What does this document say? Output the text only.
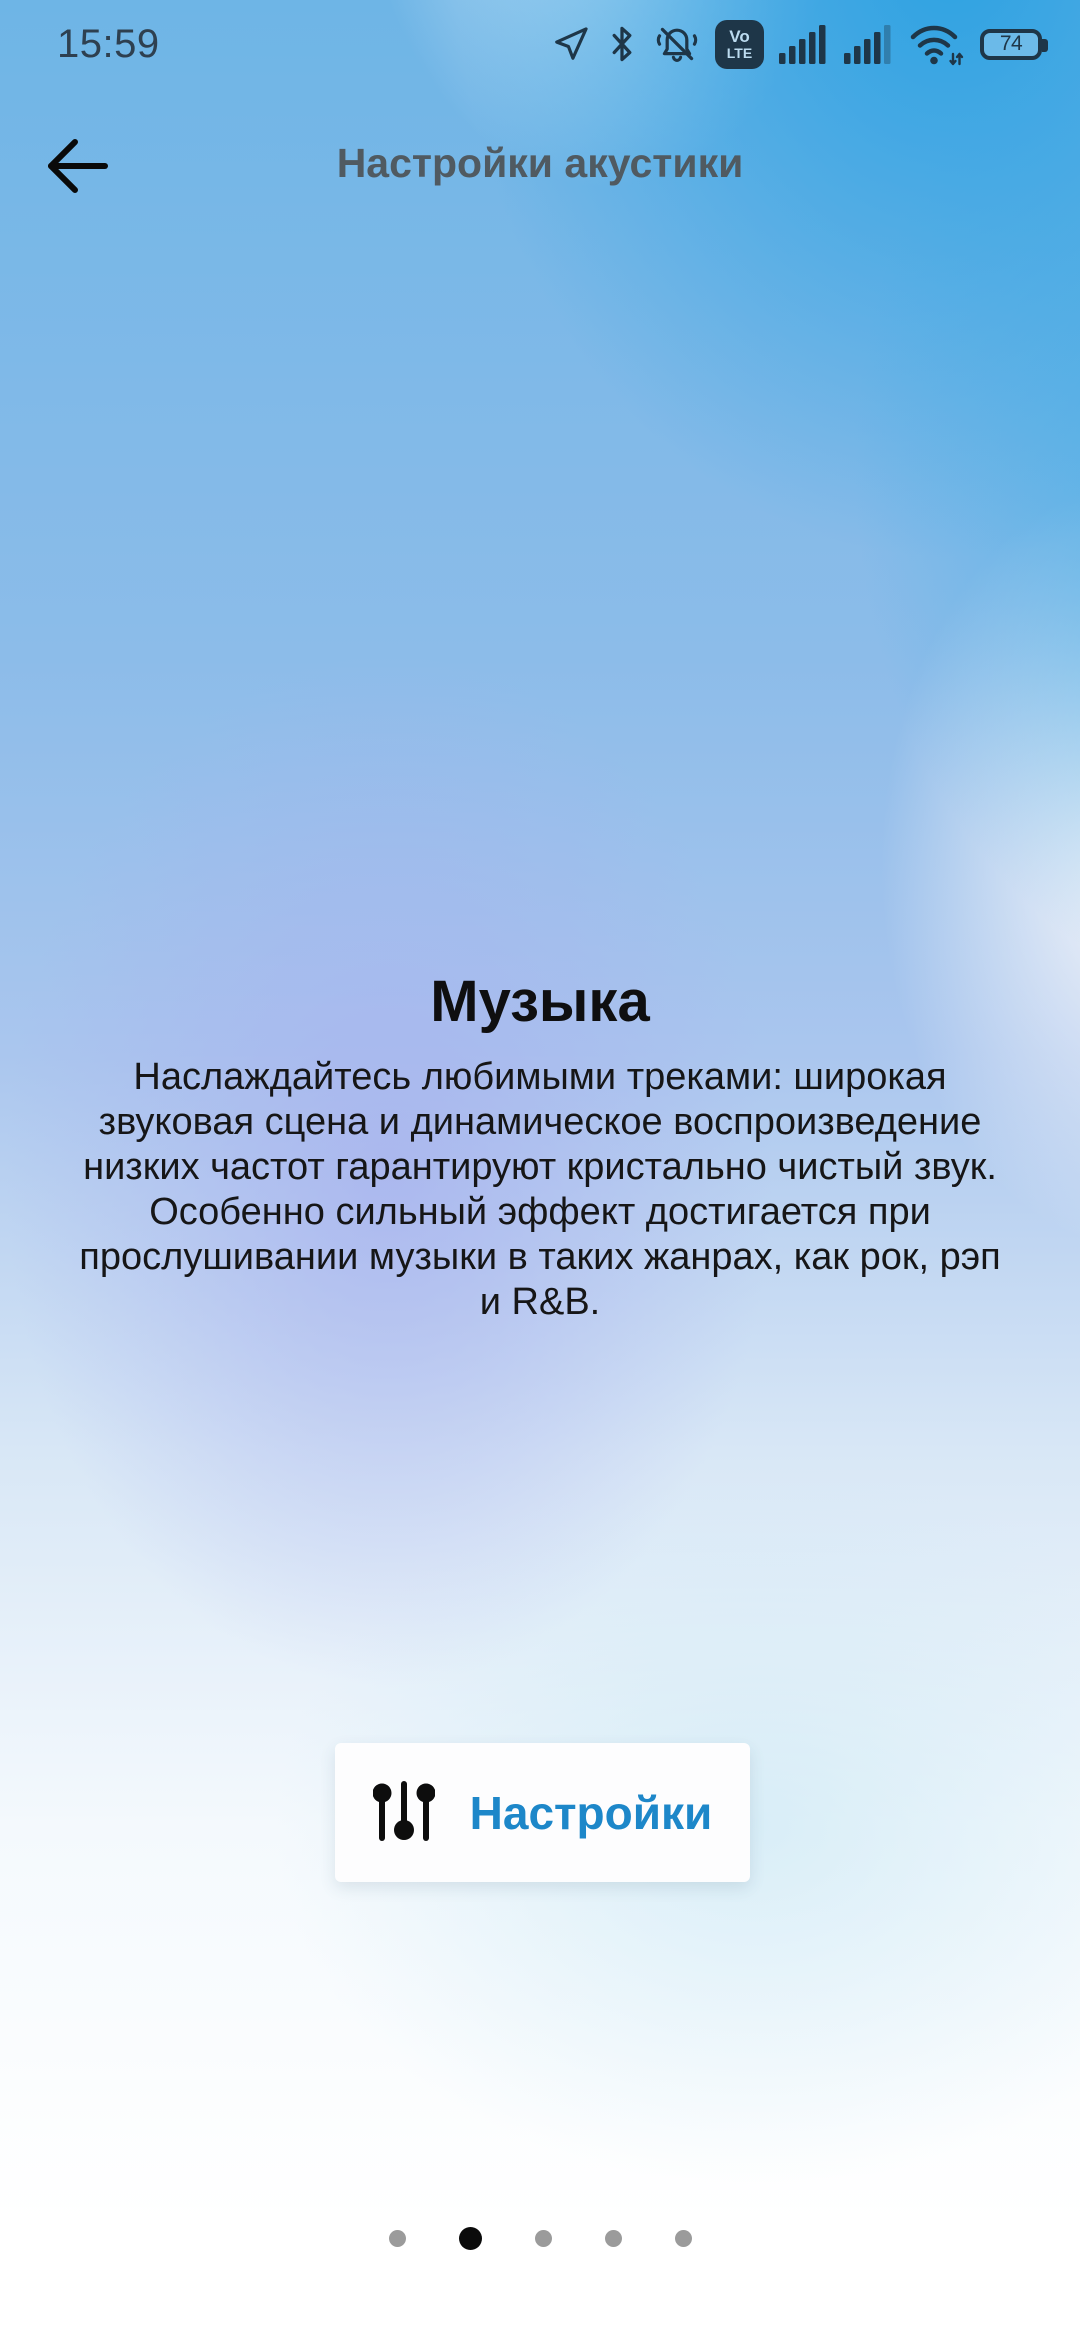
15:59	Vo
LTE	74
Настройки акустики
Музыка

Наслаждайтесь любимыми треками: широкая звуковая сцена и динамическое воспроизведение низких частот гарантируют кристально чистый звук. Особенно сильный эффект достигается при прослушивании музыки в таких жанрах, как рок, рэп и R&B.

Настройки
